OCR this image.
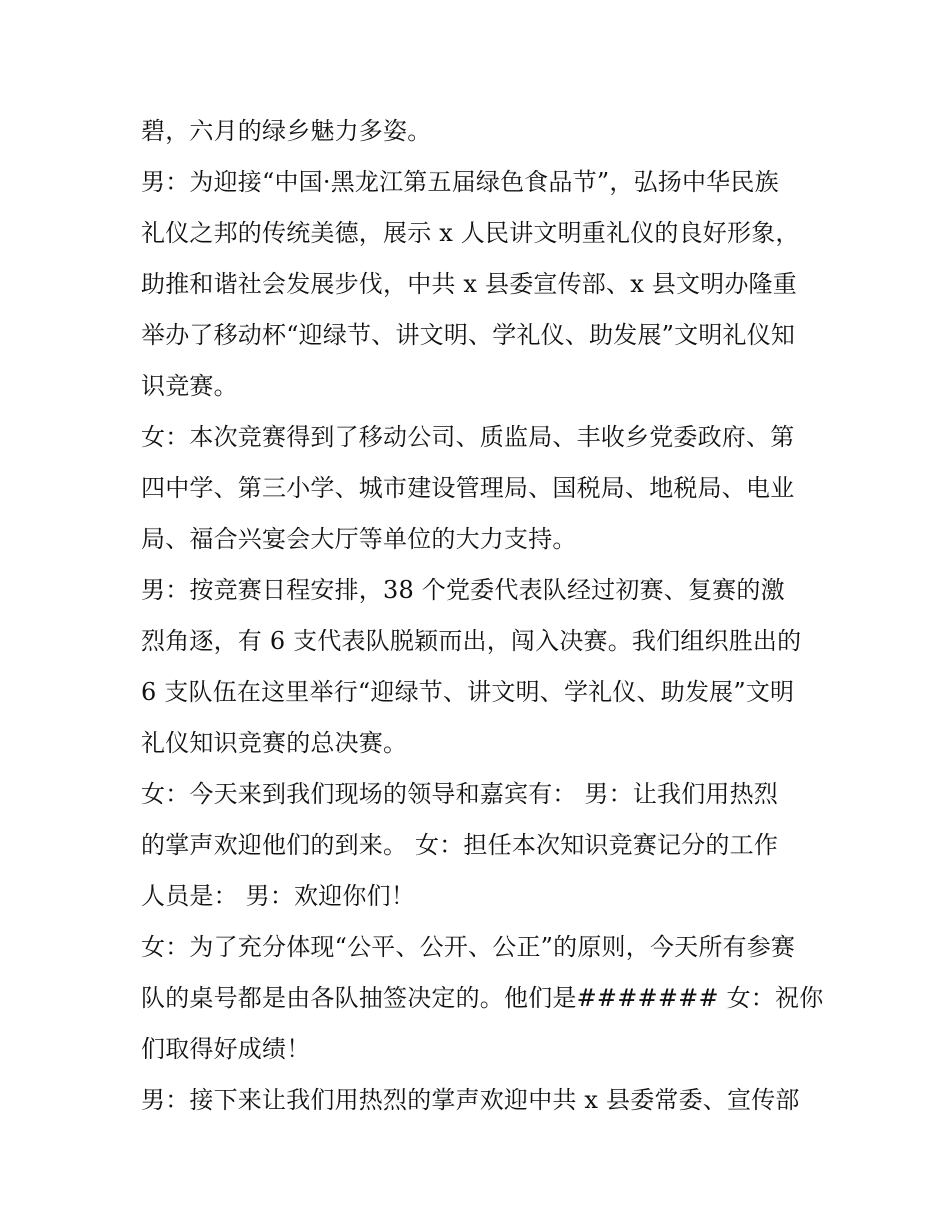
碧，六月的绿乡魅力多姿。
男：为迎接“中国·黑龙江第五届绿色食品节”，弘扬中华民族
礼仪之邦的传统美德，展示 x 人民讲文明重礼仪的良好形象，
助推和谐社会发展步伐，中共 x 县委宣传部、x 县文明办隆重
举办了移动杯“迎绿节、讲文明、学礼仪、助发展”文明礼仪知
识竞赛。
女：本次竞赛得到了移动公司、质监局、丰收乡党委政府、第
四中学、第三小学、城市建设管理局、国税局、地税局、电业
局、福合兴宴会大厅等单位的大力支持。
男：按竞赛日程安排，38 个党委代表队经过初赛、复赛的激
烈角逐，有 6 支代表队脱颖而出，闯入决赛。我们组织胜出的
6 支队伍在这里举行“迎绿节、讲文明、学礼仪、助发展”文明
礼仪知识竞赛的总决赛。
女：今天来到我们现场的领导和嘉宾有： 男：让我们用热烈
的掌声欢迎他们的到来。 女：担任本次知识竞赛记分的工作
人员是： 男：欢迎你们！
女：为了充分体现“公平、公开、公正”的原则，今天所有参赛
队的桌号都是由各队抽签决定的。他们是####### 女：祝你
们取得好成绩！
男：接下来让我们用热烈的掌声欢迎中共 x 县委常委、宣传部
